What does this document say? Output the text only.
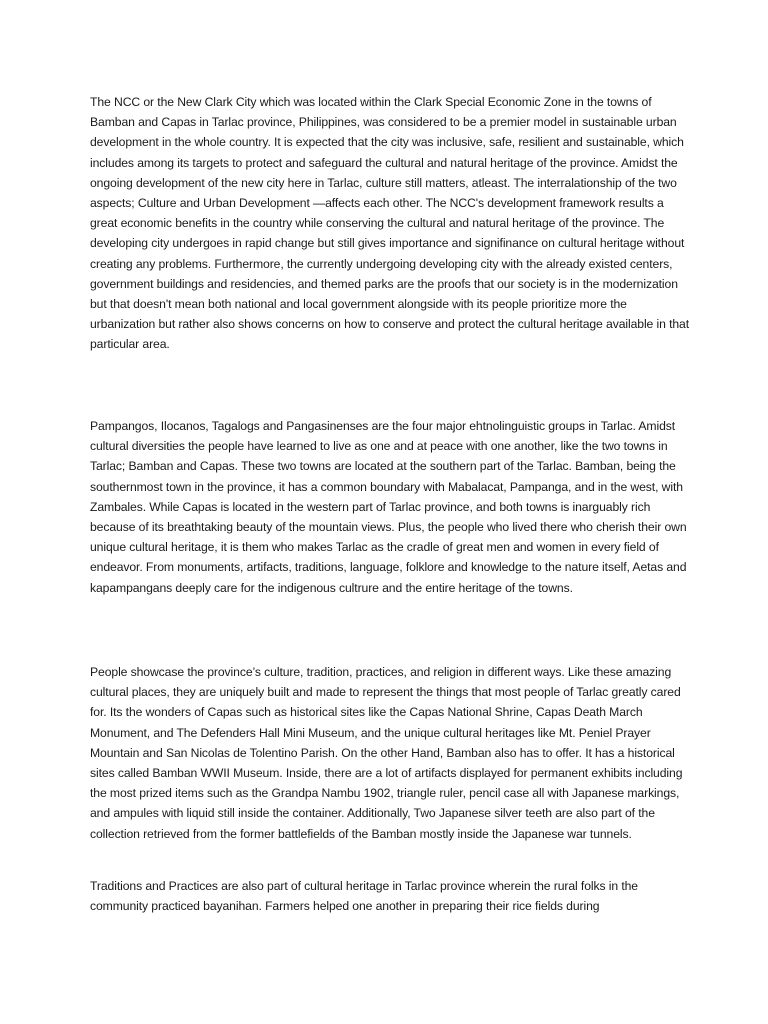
The NCC or the New Clark City which was located within the Clark Special Economic Zone in the towns of Bamban and Capas in Tarlac province, Philippines, was considered to be a premier model in sustainable urban development in the whole country. It is expected that the city was inclusive, safe, resilient and sustainable, which includes among its targets to protect and safeguard the cultural and natural heritage of the province. Amidst the ongoing development of the new city here in Tarlac, culture still matters, atleast. The interralationship of the two aspects; Culture and Urban Development —affects each other. The NCC's development framework results a great economic benefits in the country while conserving the cultural and natural heritage of the province. The developing city undergoes in rapid change but still gives importance and signifinance on cultural heritage without creating any problems. Furthermore, the currently undergoing developing city with the already existed centers, government buildings and residencies, and themed parks are the proofs that our society is in the modernization but that doesn't mean both national and local government alongside with its people prioritize more the urbanization but rather also shows concerns on how to conserve and protect the cultural heritage available in that particular area.

Pampangos, Ilocanos, Tagalogs and Pangasinenses are the four major ehtnolinguistic groups in Tarlac. Amidst cultural diversities the people have learned to live as one and at peace with one another, like the two towns in Tarlac; Bamban and Capas. These two towns are located at the southern part of the Tarlac. Bamban, being the southernmost town in the province, it has a common boundary with Mabalacat, Pampanga, and in the west, with Zambales. While Capas is located in the western part of Tarlac province, and both towns is inarguably rich because of its breathtaking beauty of the mountain views. Plus, the people who lived there who cherish their own unique cultural heritage, it is them who makes Tarlac as the cradle of great men and women in every field of endeavor. From monuments, artifacts, traditions, language, folklore and knowledge to the nature itself, Aetas and kapampangans deeply care for the indigenous cultrure and the entire heritage of the towns.

People showcase the province’s culture, tradition, practices, and religion in different ways. Like these amazing cultural places, they are uniquely built and made to represent the things that most people of Tarlac greatly cared for. Its the wonders of Capas such as historical sites like the Capas National Shrine, Capas Death March Monument, and The Defenders Hall Mini Museum, and the unique cultural heritages like Mt. Peniel Prayer Mountain and San Nicolas de Tolentino Parish. On the other Hand, Bamban also has to offer. It has a historical sites called Bamban WWII Museum. Inside, there are a lot of artifacts displayed for permanent exhibits including the most prized items such as the Grandpa Nambu 1902, triangle ruler, pencil case all with Japanese markings, and ampules with liquid still inside the container. Additionally, Two Japanese silver teeth are also part of the collection retrieved from the former battlefields of the Bamban mostly inside the Japanese war tunnels.

Traditions and Practices are also part of cultural heritage in Tarlac province wherein the rural folks in the community practiced bayanihan. Farmers helped one another in preparing their rice fields during
